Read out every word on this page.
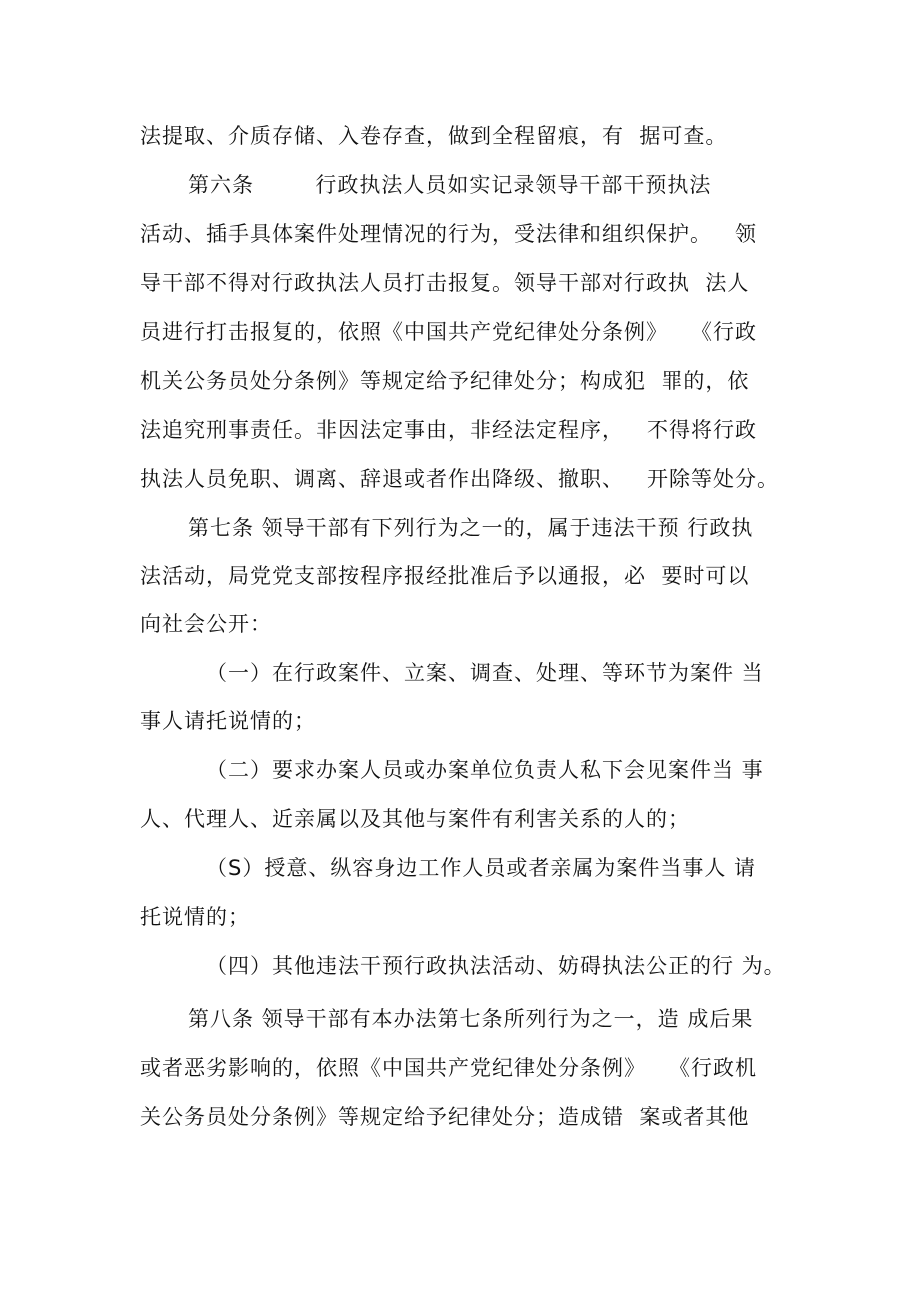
法提取、介质存储、入卷存查，做到全程留痕，有  据可查。
第六条        行政执法人员如实记录领导干部干预执法
活动、插手具体案件处理情况的行为，受法律和组织保护。   领
导干部不得对行政执法人员打击报复。领导干部对行政执  法人
员进行打击报复的，依照《中国共产党纪律处分条例》   《行政
机关公务员处分条例》等规定给予纪律处分；构成犯  罪的，依
法追究刑事责任。非因法定事由，非经法定程序，   不得将行政
执法人员免职、调离、辞退或者作出降级、撤职、   开除等处分。
第七条 领导干部有下列行为之一的，属于违法干预 行政执
法活动，局党党支部按程序报经批准后予以通报，必  要时可以
向社会公开：
（一）在行政案件、立案、调查、处理、等环节为案件 当
事人请托说情的；
（二）要求办案人员或办案单位负责人私下会见案件当 事
人、代理人、近亲属以及其他与案件有利害关系的人的；
（S）授意、纵容身边工作人员或者亲属为案件当事人 请
托说情的；
（四）其他违法干预行政执法活动、妨碍执法公正的行 为。
第八条 领导干部有本办法第七条所列行为之一，造 成后果
或者恶劣影响的，依照《中国共产党纪律处分条例》   《行政机
关公务员处分条例》等规定给予纪律处分；造成错  案或者其他
